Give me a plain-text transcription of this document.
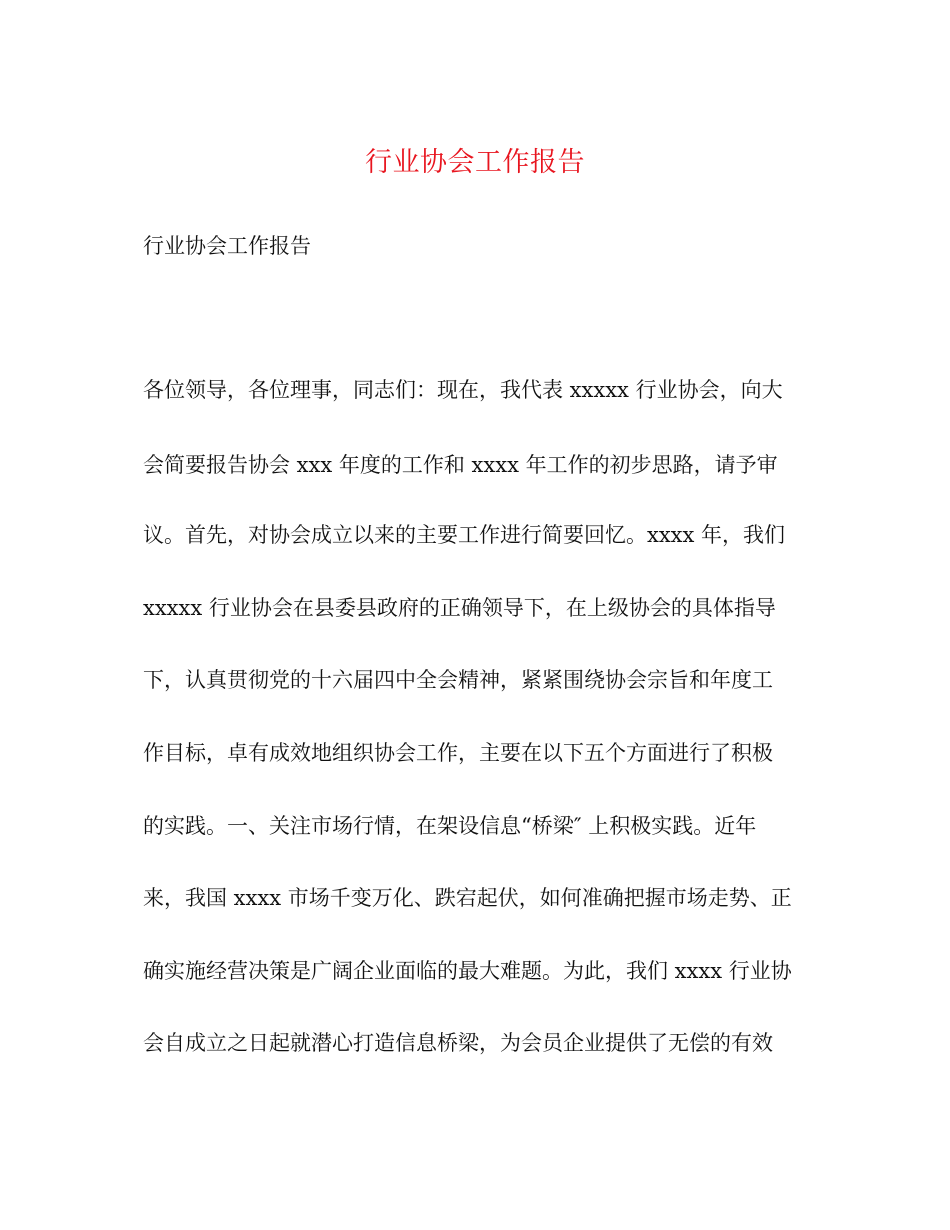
行业协会工作报告

行业协会工作报告

各位领导，各位理事，同志们：现在，我代表 xxxxx 行业协会，向大
会简要报告协会 xxx 年度的工作和 xxxx 年工作的初步思路，请予审
议。首先，对协会成立以来的主要工作进行简要回忆。xxxx 年，我们
xxxxx 行业协会在县委县政府的正确领导下，在上级协会的具体指导
下，认真贯彻党的十六届四中全会精神，紧紧围绕协会宗旨和年度工
作目标，卓有成效地组织协会工作，主要在以下五个方面进行了积极
的实践。一、关注市场行情，在架设信息“桥梁″ 上积极实践。近年
来，我国 xxxx 市场千变万化、跌宕起伏，如何准确把握市场走势、正
确实施经营决策是广阔企业面临的最大难题。为此，我们 xxxx 行业协
会自成立之日起就潜心打造信息桥梁，为会员企业提供了无偿的有效
